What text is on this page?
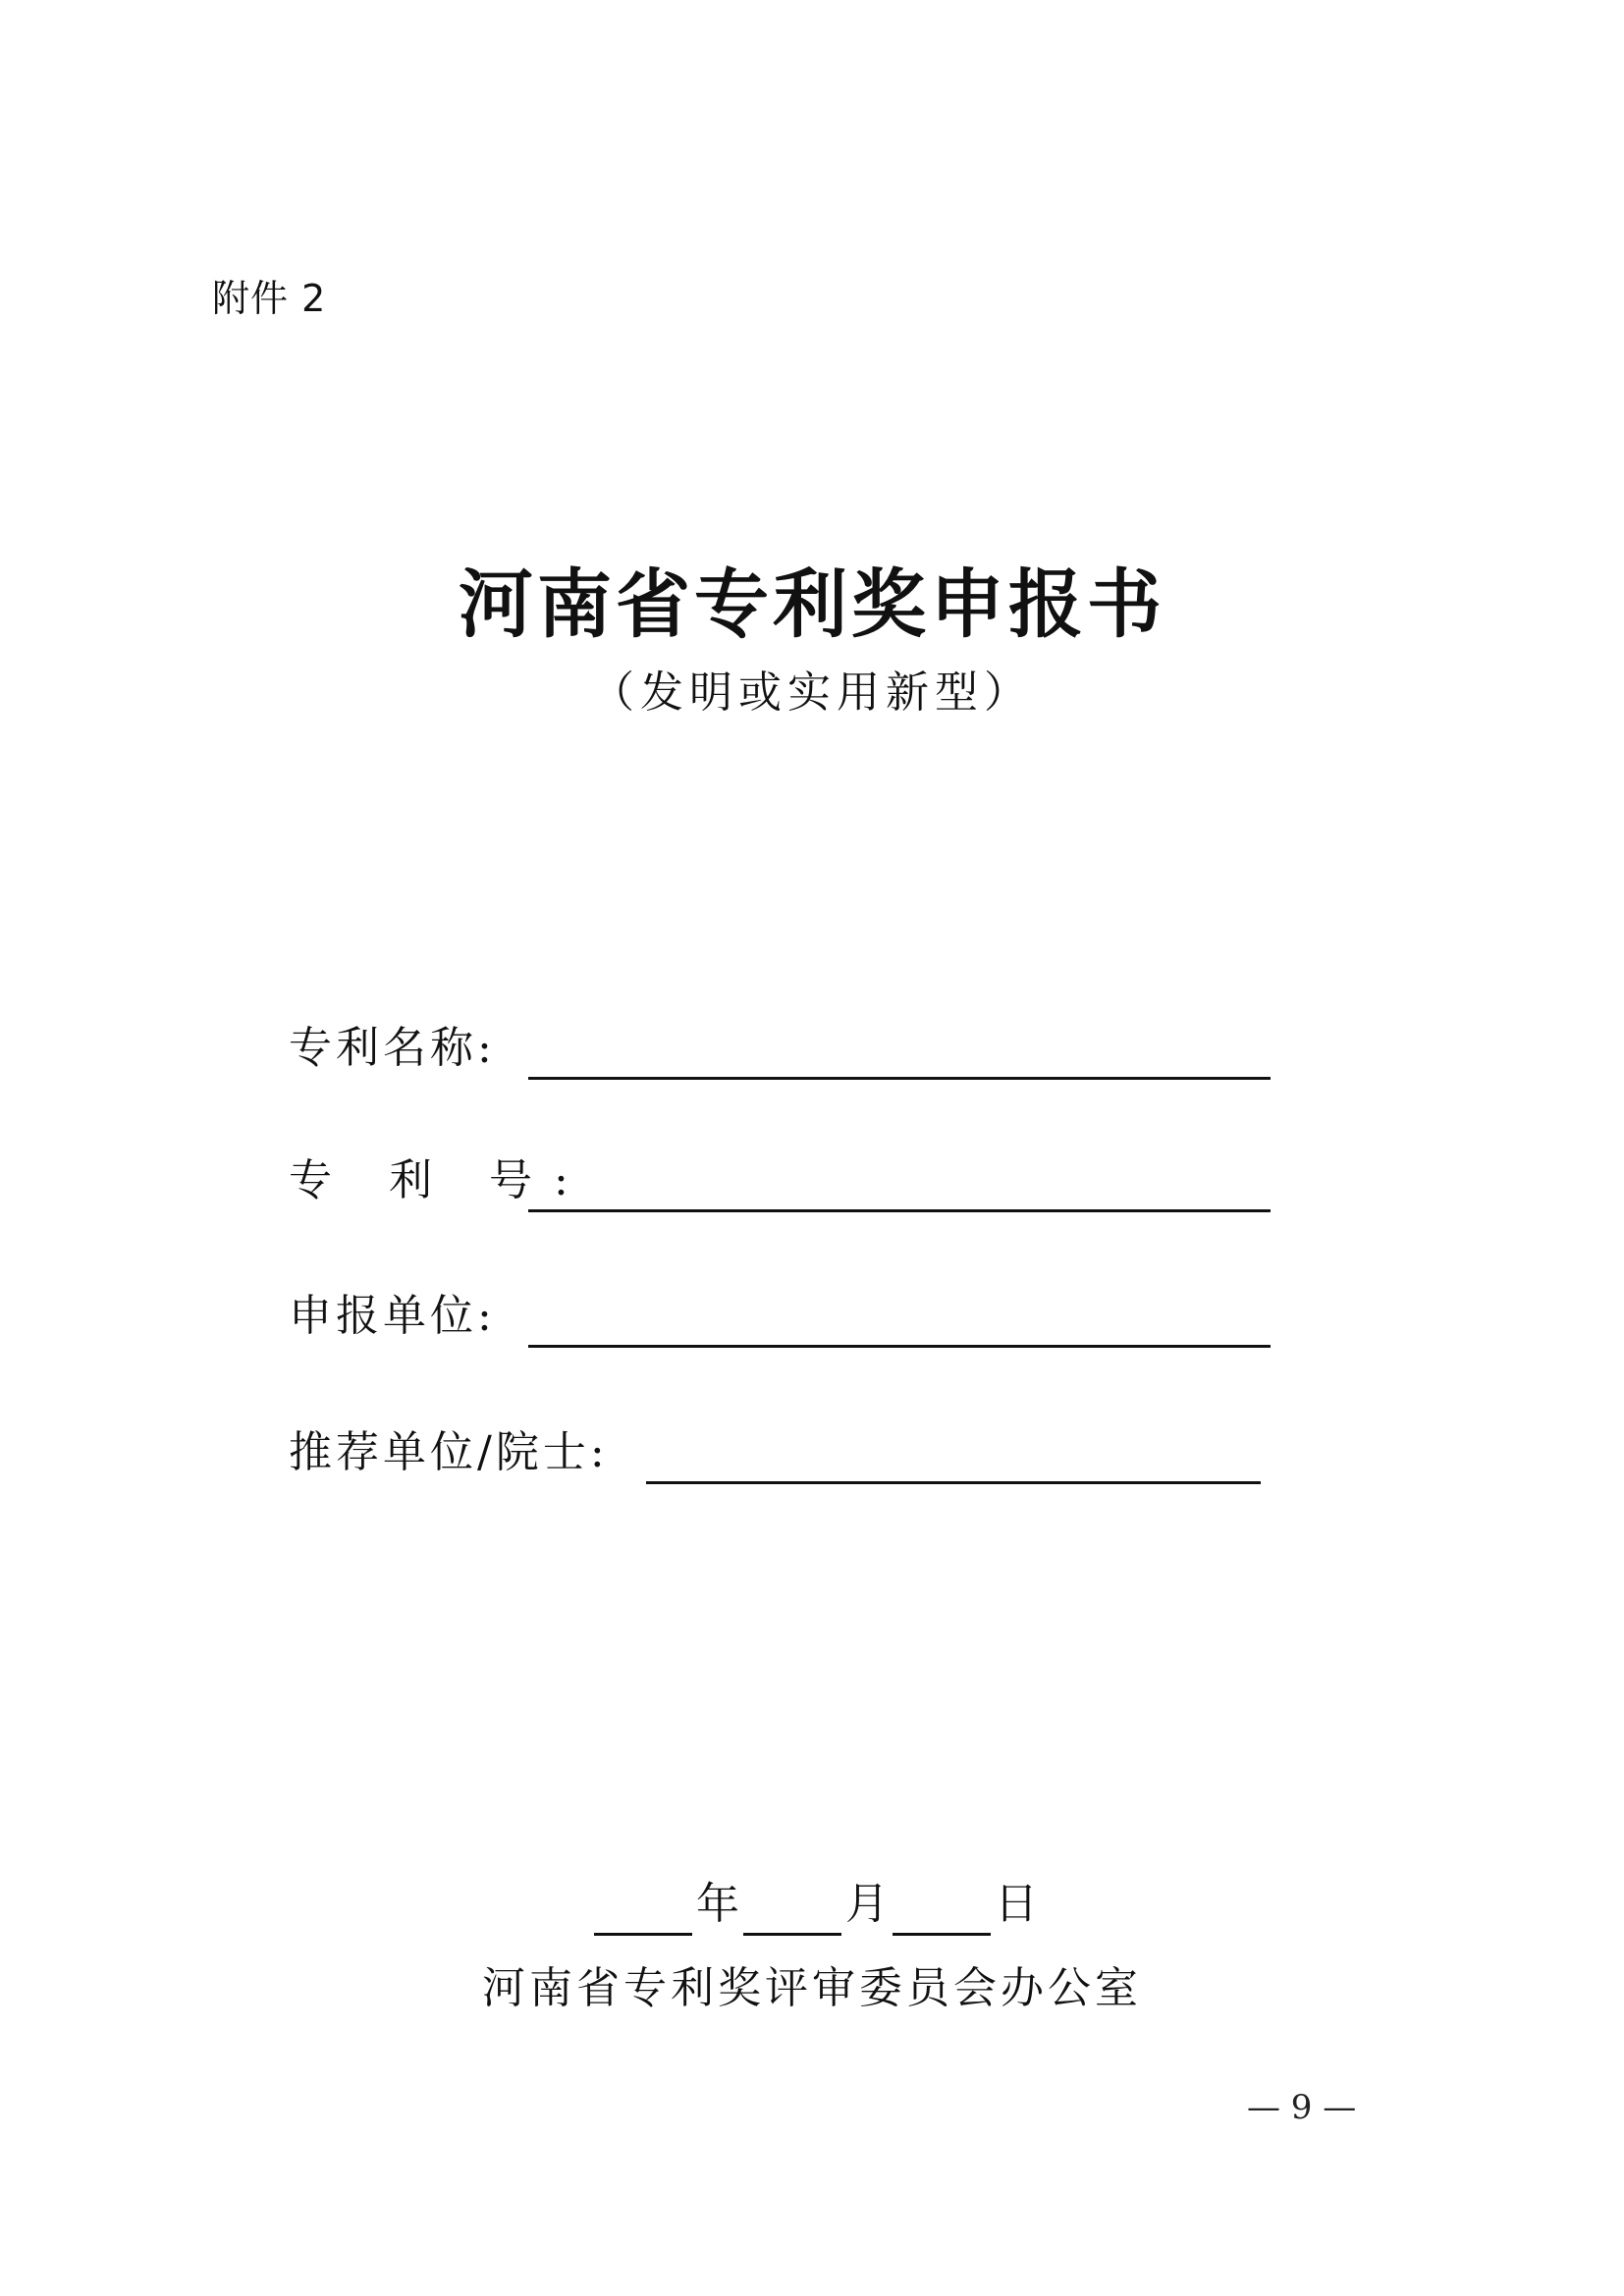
附件 2
河南省专利奖申报书
（发明或实用新型）
专利名称:
专 利 号:
申报单位:
推荐单位/院士:
年 月 日
河南省专利奖评审委员会办公室
— 9 —
